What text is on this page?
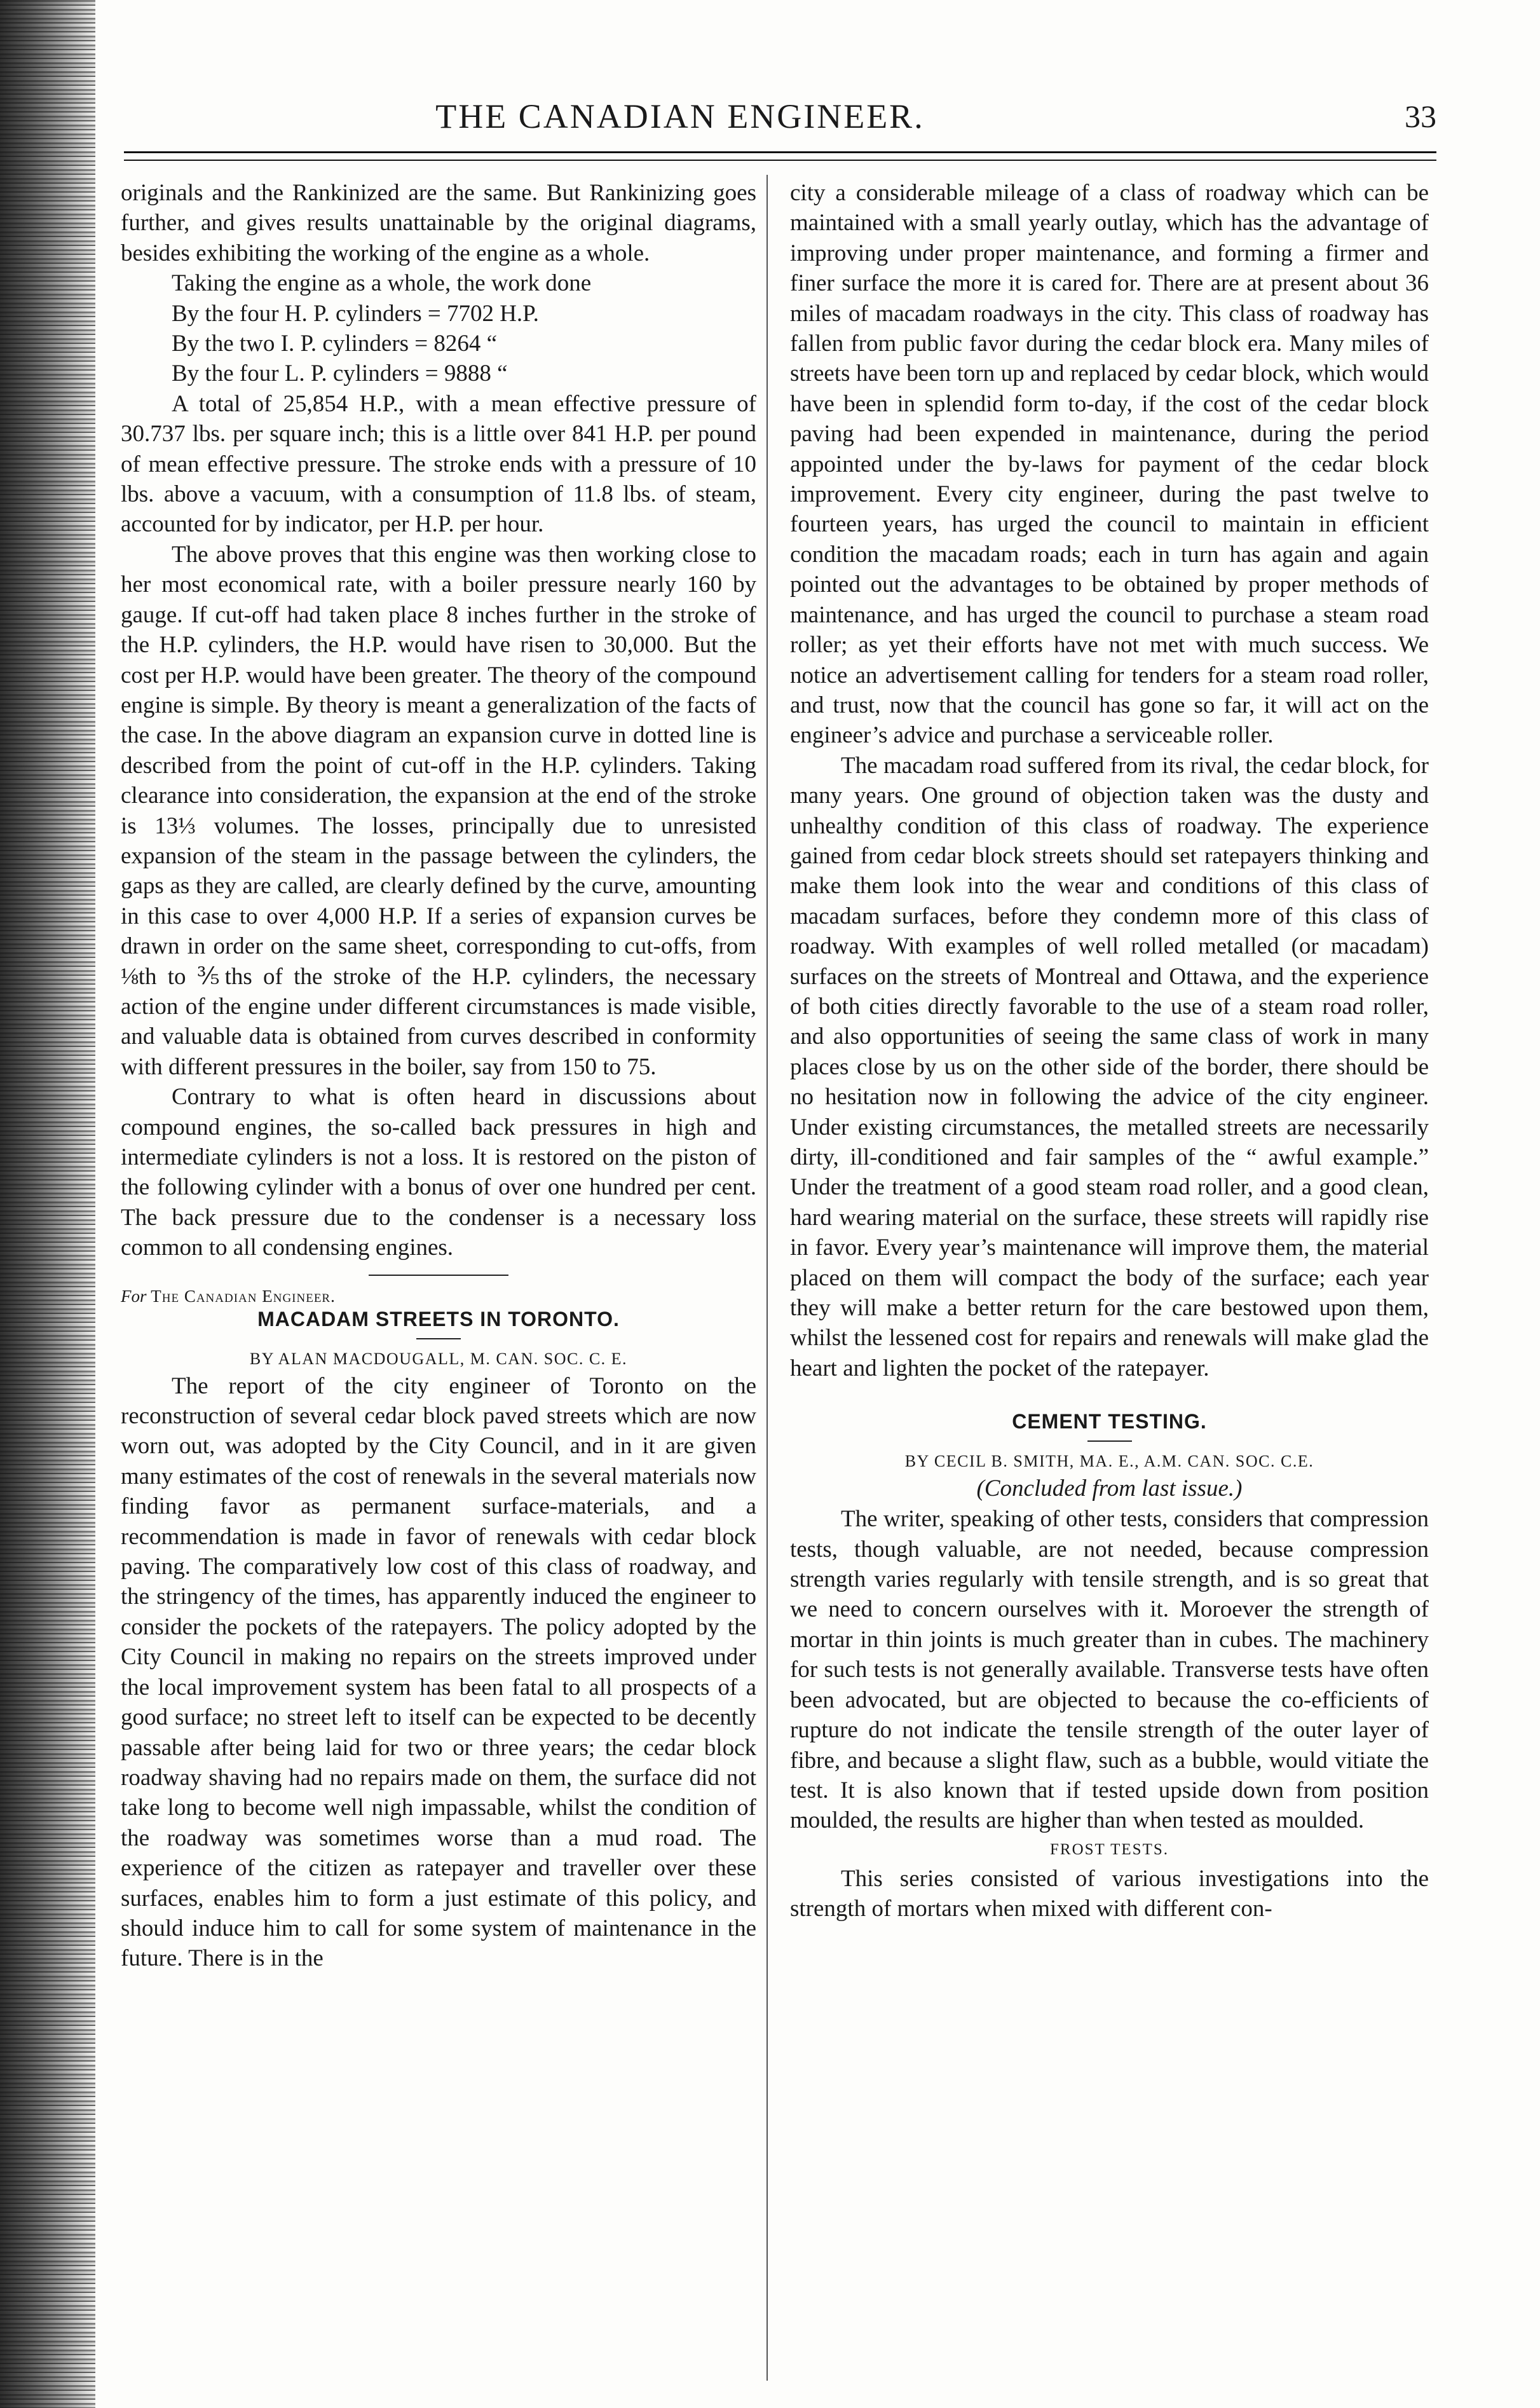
THE CANADIAN ENGINEER.	33

originals and the Rankinized are the same. But Rankinizing goes further, and gives results unattainable by the original diagrams, besides exhibiting the working of the engine as a whole.

Taking the engine as a whole, the work done

By the four H. P. cylinders = 7702 H.P.
By the two I. P. cylinders = 8264 “
By the four L. P. cylinders = 9888 “

A total of 25,854 H.P., with a mean effective pressure of 30.737 lbs. per square inch; this is a little over 841 H.P. per pound of mean effective pressure. The stroke ends with a pressure of 10 lbs. above a vacuum, with a consumption of 11.8 lbs. of steam, accounted for by indicator, per H.P. per hour.

The above proves that this engine was then working close to her most economical rate, with a boiler pressure nearly 160 by gauge. If cut-off had taken place 8 inches further in the stroke of the H.P. cylinders, the H.P. would have risen to 30,000. But the cost per H.P. would have been greater. The theory of the compound engine is simple. By theory is meant a generalization of the facts of the case. In the above diagram an expansion curve in dotted line is described from the point of cut-off in the H.P. cylinders. Taking clearance into consideration, the expansion at the end of the stroke is 13⅓ volumes. The losses, principally due to unresisted expansion of the steam in the passage between the cylinders, the gaps as they are called, are clearly defined by the curve, amounting in this case to over 4,000 H.P. If a series of expansion curves be drawn in order on the same sheet, corresponding to cut-offs, from ⅛th to ⅗ths of the stroke of the H.P. cylinders, the necessary action of the engine under different circumstances is made visible, and valuable data is obtained from curves described in conformity with different pressures in the boiler, say from 150 to 75.

Contrary to what is often heard in discussions about compound engines, the so-called back pressures in high and intermediate cylinders is not a loss. It is restored on the piston of the following cylinder with a bonus of over one hundred per cent. The back pressure due to the condenser is a necessary loss common to all condensing engines.

For The Canadian Engineer.

MACADAM STREETS IN TORONTO.

BY ALAN MACDOUGALL, M. CAN. SOC. C. E.

The report of the city engineer of Toronto on the reconstruction of several cedar block paved streets which are now worn out, was adopted by the City Council, and in it are given many estimates of the cost of renewals in the several materials now finding favor as permanent surface-materials, and a recommendation is made in favor of renewals with cedar block paving. The comparatively low cost of this class of roadway, and the stringency of the times, has apparently induced the engineer to consider the pockets of the ratepayers. The policy adopted by the City Council in making no repairs on the streets improved under the local improvement system has been fatal to all prospects of a good surface; no street left to itself can be expected to be decently passable after being laid for two or three years; the cedar block roadway shaving had no repairs made on them, the surface did not take long to become well nigh impassable, whilst the condition of the roadway was sometimes worse than a mud road. The experience of the citizen as ratepayer and traveller over these surfaces, enables him to form a just estimate of this policy, and should induce him to call for some system of maintenance in the future. There is in the

city a considerable mileage of a class of roadway which can be maintained with a small yearly outlay, which has the advantage of improving under proper maintenance, and forming a firmer and finer surface the more it is cared for. There are at present about 36 miles of macadam roadways in the city. This class of roadway has fallen from public favor during the cedar block era. Many miles of streets have been torn up and replaced by cedar block, which would have been in splendid form to-day, if the cost of the cedar block paving had been expended in maintenance, during the period appointed under the by-laws for payment of the cedar block improvement. Every city engineer, during the past twelve to fourteen years, has urged the council to maintain in efficient condition the macadam roads; each in turn has again and again pointed out the advantages to be obtained by proper methods of maintenance, and has urged the council to purchase a steam road roller; as yet their efforts have not met with much success. We notice an advertisement calling for tenders for a steam road roller, and trust, now that the council has gone so far, it will act on the engineer’s advice and purchase a serviceable roller.

The macadam road suffered from its rival, the cedar block, for many years. One ground of objection taken was the dusty and unhealthy condition of this class of roadway. The experience gained from cedar block streets should set ratepayers thinking and make them look into the wear and conditions of this class of macadam surfaces, before they condemn more of this class of roadway. With examples of well rolled metalled (or macadam) surfaces on the streets of Montreal and Ottawa, and the experience of both cities directly favorable to the use of a steam road roller, and also opportunities of seeing the same class of work in many places close by us on the other side of the border, there should be no hesitation now in following the advice of the city engineer. Under existing circumstances, the metalled streets are necessarily dirty, ill-conditioned and fair samples of the “ awful example.” Under the treatment of a good steam road roller, and a good clean, hard wearing material on the surface, these streets will rapidly rise in favor. Every year’s maintenance will improve them, the material placed on them will compact the body of the surface; each year they will make a better return for the care bestowed upon them, whilst the lessened cost for repairs and renewals will make glad the heart and lighten the pocket of the ratepayer.

CEMENT TESTING.

BY CECIL B. SMITH, MA. E., A.M. CAN. SOC. C.E.

(Concluded from last issue.)

The writer, speaking of other tests, considers that compression tests, though valuable, are not needed, because compression strength varies regularly with tensile strength, and is so great that we need to concern ourselves with it. Moroever the strength of mortar in thin joints is much greater than in cubes. The machinery for such tests is not generally available. Transverse tests have often been advocated, but are objected to because the co-efficients of rupture do not indicate the tensile strength of the outer layer of fibre, and because a slight flaw, such as a bubble, would vitiate the test. It is also known that if tested upside down from position moulded, the results are higher than when tested as moulded.

FROST TESTS.

This series consisted of various investigations into the strength of mortars when mixed with different con-
